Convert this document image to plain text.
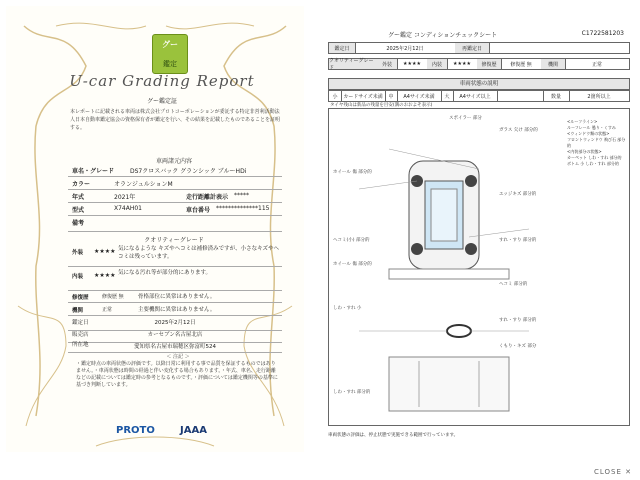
グー
鑑定
U-car Grading Report
グー鑑定証
本レポートに記載される車両は株式会社プロトコーポレーションが委託する特定非営利活動法人日本自動車鑑定協会の資格保有者が鑑定を行い、その結果を記載したものであることを証明する。
車両諸元内容
車名・グレード	DS7クロスバック グランシック ブルーHDi
カラー	オランジュルションM
年式	2021年	走行距離計表示 *****
型式	X74AH01	車台番号 **************115
備考
クオリティーグレード
外装 ★★★★ 気になるような キズやヘコミは補修済みですが、小さなキズやヘコミは残っています。
内装 ★★★★ 気になる汚れ等が部分的にあります。
修復歴	修復歴 無	骨格部位に異常はありません。
機関	正常	主要機関に異常はありません。
鑑定日	2025年2月12日
販売店	カーセブン名古屋北店
所在地	愛知県名古屋市瑞穂区弥富町524
＜ 注記 ＞
・鑑定時点の車両状態の評価です。以降日常に利用する事で品質を保証するものではありません。・車両状態は時間の経過と伴い変化する場合もあります。・年式、車名、走行距離などの記載については鑑定時の参考となるものです。・評価については鑑定機関等の基準に基づき判断しています。
PROTO	JAAA
グー鑑定 コンディションチェックシート	C1722581203
鑑定日	2025年2月12日	再鑑定日
クオリティーグレード
外装	★★★★	内装	★★★★	修復歴	修復歴 無	機関	正常
車両状態の説明
小	カードサイズ未満	中	A4サイズ未満	大	A4サイズ以上	数量	2箇所以上
タイヤ残山は新品の残量を目安(溝のおおよそ表示)
スポイラー 部分
ガラス 欠け 部分的
ホイール 傷 部分的
エッジキズ 部分的
ヘコミ(小) 部分的	すれ・すり 部分的
しわ・すれ 小
ホイール 傷 部分的
すれ・すり 部分的
くもり・キズ 部分
しわ・すれ 部分的
ヘコミ 部分的
<ルーフライン>
ルーフレール 曇り・くすみ
<ウィンドウ類の状態>
フロントウィンドウ 飛び石 部分的
<内装部分の状態>
カーペット しわ・すれ 部分的
ボトム 小 しわ・すれ 部分的
車両状態の評価は、停止状態で実施できる範囲で行っています。
CLOSE ✕
